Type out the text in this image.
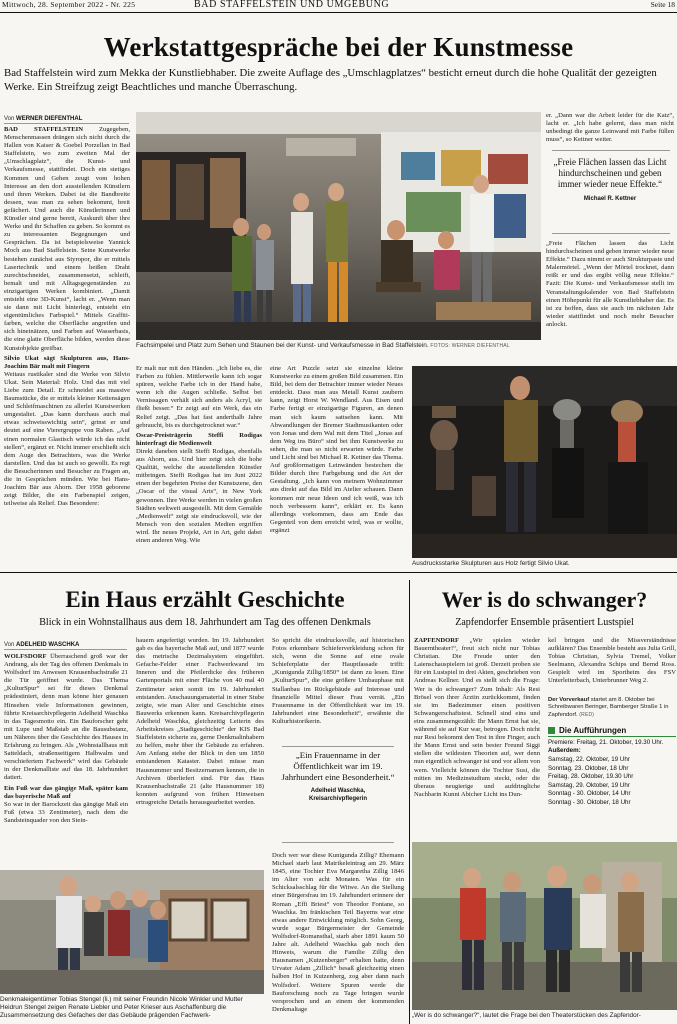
Mittwoch, 28. September 2022 - Nr. 225	BAD STAFFELSTEIN UND UMGEBUNG	Seite 18
Werkstattgespräche bei der Kunstmesse
Bad Staffelstein wird zum Mekka der Kunstliebhaber. Die zweite Auflage des „Umschlagplatzes“ besticht erneut durch die hohe Qualität der gezeigten Werke. Ein Streifzug zeigt Beachtliches und manche Überraschung.
Von WERNER DIEFENTHAL
BAD STAFFELSTEIN Zugegeben, Menschenmassen drängen sich nicht durch die Hallen von Kaiser & Goebel Porzellan in Bad Staffelstein, wo zum zweiten Mal der „Umschlagplatz“, die Kunst- und Verkaufsmesse, stattfindet. Doch ein stetiges Kommen und Gehen zeugt vom hohen Interesse an den dort ausstellenden Künstlern und ihren Werken. Dabei ist die Bandbreite dessen, was man zu sehen bekommt, breit gefächert. Und auch die Künstlerinnen und Künstler sind gerne bereit, Auskunft über ihre Werke und ihr Schaffen zu geben. So kommt es zu interessanten Begegnungen und Gesprächen. Da ist beispielsweise Yannick Moch aus Bad Staffelstein. Seine Kunstwerke bestehen zunächst aus Styropor, die er mittels Lasertechnik und einem heißen Draht zurechtschneidet, zusammensetzt, schleift, bemalt und mit Alltagsgegenständen zu einzigartigen Werken kombiniert. „Damit entsteht eine 3D-Kunst“, lacht er. „Wenn man sie dann mit Licht hinterlegt, entsteht ein eigentümliches Farbspiel.“ Mittels Graffiti-farben, welche die Oberfläche angreifen und sich hineinätzen, und Farben auf Wasserbasis, die eine glatte Oberfläche bilden, werden diese Kunstobjekte greifbar.
Silvio Ukat sägt Skulpturen aus, Hans-Joachim Bär malt mit Fingern
Weitaus rustikaler sind die Werke von Silvio Ukat. Sein Material: Holz. Und das mit viel Liebe zum Detail. Er schneidet aus massive Baumstücke, die er mittels kleiner Kettensägen und Schleifmaschinen zu allerlei Kunstwerken umgestaltet. „Das kann durchaus auch mal etwas schweisswichtig sein“, grinst er und deutet auf eine Vierergruppe von Raben. „Auf einen normalen Glastisch würde ich das nicht stellen“, ergänzt er. Nicht immer erschließt sich dem Auge des Betrachters, was die Werke darstellen. Und das ist auch so gewollt. Es regt die Besucherinnen und Besucher zu Fragen an, die in Gesprächen münden. Wie bei Hans-Joachim Bär aus Ahorn. Der 1958 geborene zeigt Bilder, die ein Farbenspiel zeigen, teilweise als Relief. Das Besondere:
Fachsimpelei und Platz zum Sehen und Staunen bei der Kunst- und Verkaufsmesse in Bad Staffelstein. FOTOS: WERNER DIEFENTHAL
Er malt nur mit den Händen. „Ich liebe es, die Farben zu fühlen. Mittlerweile kann ich sogar spüren, welche Farbe ich in der Hand habe, wenn ich die Augen schließe. Selbst bei Vernissagen verhält sich anders als Acryl, sie fließt besser.“ Er zeigt auf ein Werk, das ein Relief zeigt. „Das hat fast anderthalb Jahre gebraucht, bis es durchgetrocknet war.“
Oscar-Preisträgerin Steffi Rodigas hinterfragt die Medienwelt
Direkt daneben stellt Steffi Rodigas, ebenfalls aus Ahorn, aus. Und hier zeigt sich die hohe Qualität, welche die ausstellenden Künstler mitbringen. Steffi Rodigas hat im Juni 2022 einen der begehrten Preise der Kunstszene, den „Oscar of the visual Arts“, in New York gewonnen. Ihre Werke werden in vielen großen Städten weltweit ausgestellt. Mit dem Gemälde „Medienwelt“ zeigt sie eindrucksvoll, wie der Mensch von den sozialen Medien ergriffen wird. Ihr neues Projekt, Art in Art, geht dabei einen anderen Weg. Wie
eine Art Puzzle setzt sie einzelne kleine Kunstwerke zu einem großen Bild zusammen. Ein Bild, bei dem der Betrachter immer wieder Neues entdeckt. Dass man aus Metall Kunst zaubern kann, zeigt Horst W. Wendland. Aus Eisen und Farbe fertigt er einzigartige Figuren, an denen man sich kaum sattsehen kann. Mit Abwandlungen der Bremer Stadtmusikanten oder von Jonas und dem Wal mit dem Titel „Jonas auf dem Weg ins Büro“ sind bei ihm Kunstwerke zu sehen, die man so nicht erwarten würde. Farbe und Licht sind bei Michael R. Kettner das Thema. Auf großformatigen Leinwänden bestechen die Bilder durch ihre Farbgebung und die Art der Gestaltung. „Ich kann von meinem Wohnzimmer aus direkt auf das Bild im Atelier schauen. Dann kommen mir neue Ideen und ich weiß, was ich noch verbessern kann“, erklärt er. Es kann allerdings vorkommen, dass am Ende das Gegenteil von dem erreicht wird, was er wollte, ergänzt
er. „Dann war die Arbeit leider für die Katz“, lacht er. „Ich habe gelernt, dass man nicht unbedingt die ganze Leinwand mit Farbe füllen muss“, so Kettner weiter.
„Freie Flächen lassen das Licht hindurchscheinen und geben immer wieder neue Effekte.“
Michael R. Kettner
„Freie Flächen lassen das Licht hindurchscheinen und geben immer wieder neue Effekte.“ Dazu nimmt er auch Strukturpaste und Malermörtel. „Wenn der Mörtel trocknet, dann reißt er und das ergibt völlig neue Effekte.“ Fazit: Die Kunst- und Verkaufsmesse stellt im Veranstaltungskalender von Bad Staffelstein einen Höhepunkt für alle Kunstliebhaber dar. Es ist zu hoffen, dass sie auch im nächsten Jahr wieder stattfindet und noch mehr Besucher anlockt.
Ausdrucksstarke Skulpturen aus Holz fertigt Silvio Ukat.
Ein Haus erzählt Geschichte
Blick in ein Wohnstallhaus aus dem 18. Jahrhundert am Tag des offenen Denkmals
Von ADELHEID WASCHKA
WOLFSDORF Überraschend groß war der Andrang, als der Tag des offenen Denkmals in Wolfsdorf im Anwesen Krausenbachstraße 21 die Tür geöffnet wurde. Das Thema „KulturSpur“ sei für dieses Denkmal prädestiniert, denn man könne hier genauen Hinsehen viele Informationen gewinnen, führte Kreisarchivpflegerin Adelheid Waschka in das Tagesmotto ein. Ein Bauforscher geht mit Lupe und Maßstab an die Bausubstanz, um Näheres über die Geschichte des Hauses in Erfahrung zu bringen. Als „Wohnstallhaus mit Satteldach, straßenseitigem Halbwalm und verschiefertem Fachwerk“ wird das Gebäude in der Denkmalliste auf das 18. Jahrhundert datiert.
Ein Fuß war das gängige Maß, später kam das bayerische Maß auf
So war in der Barockzeit das gängige Maß ein Fuß (etwa 33 Zentimeter), nach dem die Sandsteinquader von den Stein-
hauern angefertigt wurden. Im 19. Jahrhundert gab es das bayerische Maß auf, und 1877 wurde das metrische Dezimalsystem eingeführt. Gefache-Felder einer Fachwerkwand im Inneren und die Pfeilerdicke des früheren Gartenportals mit einer Fläche von 40 mal 40 Zentimeter seien somit im 19. Jahrhundert entstanden. Anschauungsmaterial in einer Stube zeigte, wie man Alter und Geschichte eines Bauwerks erkennen kann. Kreisarchivpflegerin Adelheid Waschka, gleichzeitig Leiterin des Arbeitskreises „Stadtgeschichte“ der KIS Bad Staffelstein sicherte zu, gerne Denkmalinhabern zu helfen, mehr über ihr Gebäude zu erfahren. Am Anfang stehe der Blick in den um 1850 entstandenen Kataster. Dabei müsse man Hausnummer und Besitzernamen kennen, die in Archiven überliefert sind. Für das Haus Krausenbachstraße 21 (alte Hausnummer 18) konnten aufgrund von frühen Hinweisen ertragreiche Details herausgearbeitet werden.
So spricht die eindrucksvolle, auf historischen Fotos erkennbare Schieferverkleidung schon für sich, wenn die Sonne auf eine ovale Schieferplatte der Hauptfassade trifft: „Kunigunda Zillig/1850“ ist dann zu lesen. Eine „KulturSpur“, die eine größere Umbauphase mit Stallanbau im Rückgebäude auf Interesse und finanzielle Mittel dieser Frau verrät. „Ein Frauenname in der Öffentlichkeit war im 19. Jahrhundert eine Besonderheit“, erwähnte die Kulturhistorikerin.
„Ein Frauenname in der Öffentlichkeit war im 19. Jahrhundert eine Besonderheit.“
Adelheid Waschka,
Kreisarchivpflegerin
Doch wer war diese Kunigunda Zillig? Ehemann Michael starb laut Matrikeleintrag am 29. März 1845, eine Tochter Eva Margaretha Zillig 1846 im Alter von acht Monaten. Was für ein Schicksalsschlag für die Witwe. An die Stellung einer Bürgersfrau im 19. Jahrhundert erinnere der Roman „Effi Briest“ von Theodor Fontane, so Waschka. Im fränkischen Teil Bayerns war eine etwas andere Entwicklung möglich. Sohn Georg, wurde sogar Bürgermeister der Gemeinde Wolfsdorf-Romansthal, starb aber 1891 kaum 50 Jahre alt. Adelheid Waschka gab noch den Hinweis, warum die Familie Zillig den Hausnamen „Kutzenberger“ erhalten hatte, denn Urvater Adam „Zillich“ besaß gleichzeitig einen halben Hof in Kutzenberg, zog aber dann nach Wolfsdorf. Weitere Spuren werde die Bauforschung noch zu Tage bringen wurde versprochen und an einem der kommenden Denkmaltage
Denkmaleigentümer Tobias Stengel (li.) mit seiner Freundin Nicole Winkler und Mutter Heidrun Stengel zeigen Renate Liebler und Peter Krieser aus Aschaffenburg die Zusammensetzung des Gefaches der das Gebäude prägenden Fachwerk-
Wer is do schwanger?
Zapfendorfer Ensemble präsentiert Lustspiel
ZAPFENDORF „Wir spielen wieder Bauerntheater!“, freut sich nicht nur Tobias Christian. Die Freude unter den Laienschauspielern ist groß. Derzeit proben sie für ein Lustspiel in drei Akten, geschrieben von Andreas Kellner. Und es stellt sich die Frage: Wer is do schwanger? Zum Inhalt: Als Resi Brösel von ihrer Ärztin zurückkommt, finden sie im Badezimmer einen positiven Schwangerschaftstest. Schnell sind eins und eins zusammengezählt: Ihr Mann Ernst hat sie, während sie auf Kur war, betrogen. Doch nicht nur Resi bekommt den Test in ihre Finger, auch ihr Mann Ernst und sein bester Freund Siggi stellen die wildesten Theorien auf, wer denn nun eigentlich schwanger ist und vor allem von wem. Vielleicht können die Tochter Susi, die mitten im Medizinstudium steckt, oder die überaus neugierige und aufdringliche Nachbarin Kunni Abicher Licht ins Dun-
kel bringen und die Missverständnisse aufklären? Das Ensemble besteht aus Julia Grill, Tobias Christian, Sylvia Tremel, Volker Seelmann, Alexandra Schips und Bernd Ross. Gespielt wird im Sportheim des FSV Unterleiterbach, Unterbrunner Weg 2.
Der Vorverkauf startet am 8. Oktober bei Schreibwaren Beringer, Bamberger Straße 1 in Zapfendorf. (RED)
Die Aufführungen
Premiere: Freitag, 21. Oktober, 19.30 Uhr.
Außerdem:
Samstag, 22. Oktober, 19 Uhr
Sonntag, 23. Oktober, 18 Uhr
Freitag, 28. Oktober, 19.30 Uhr
Samstag, 29. Oktober, 19 Uhr
Sonntag - 30. Oktober, 14 Uhr
Sonntag - 30. Oktober, 18 Uhr
„Wer is do schwanger?“, lautet die Frage bei den Theaterstücken des Zapfendor-
